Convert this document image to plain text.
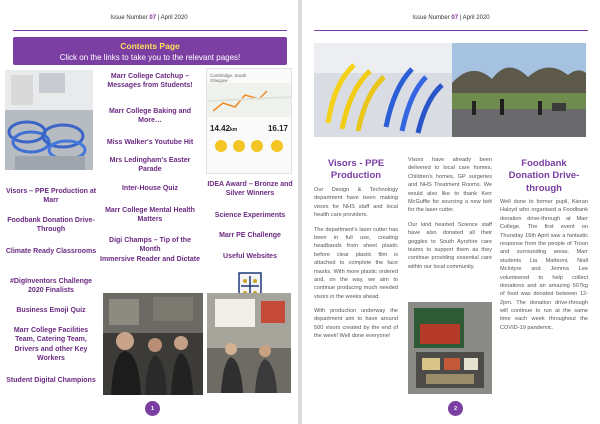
Issue Number 07 | April 2020
Contents Page
Click on the links to take you to the relevant pages!
Marr College Catchup – Messages from Students!
Marr College Baking and More…
Miss Walker's Youtube Hit
Mrs Ledingham's Easter Parade
Inter-House Quiz
Marr College Mental Health Matters
Digi Champs – Tip of the Month
Immersive Reader and Dictate
Visors – PPE Production at Marr
Foodbank Donation Drive-Through
Climate Ready Classrooms
#DigInventors Challenge 2020 Finalists
Business Emoji Quiz
Marr College Facilities Team, Catering Team, Drivers and other Key Workers
Student Digital Champions
Cambridge, South
Glasgow
14.42km	16.17
IDEA Award – Bronze and Silver Winners
Science Experiments
Marr PE Challenge
Useful Websites
1
Issue Number 07 | April 2020
Visors - PPE Production

Our Design & Technology department have been making visors for NHS staff and local health care providers.

The department's laser cutter has been in full use, creating headbands from sheet plastic before clear plastic film is attached to complete the face masks. With more plastic ordered and, on the way, we aim to continue producing much needed visors in the weeks ahead.

With production underway the department aim to have around 500 visors created by the end of the week! Well done everyone!

Visors have already been delivered to local care homes, Children's homes, GP surgeries and NHS Treatment Rooms. We would also like to thank Kerr McGuffie for sourcing a new belt for the laser cutter.

Our kind hearted Science staff have also donated all their goggles to South Ayrshire care teams to support them as they continue providing essential care within our local community.

Foodbank Donation Drive-through

Well done to former pupil, Kieran Halsyd who organised a Foodbank donation drive-through at Marr College. The first event on Thursday 16th April saw a fantastic response from the people of Troon and surrounding areas. Marr students Lia Matteoni, Niall McIntyre and Jemma Lee volunteered to help collect donations and an amazing 507kg of food was donated between 12-2pm. The donation drive-through will continue to run at the same time each week throughout the COVID-19 pandemic.

2
